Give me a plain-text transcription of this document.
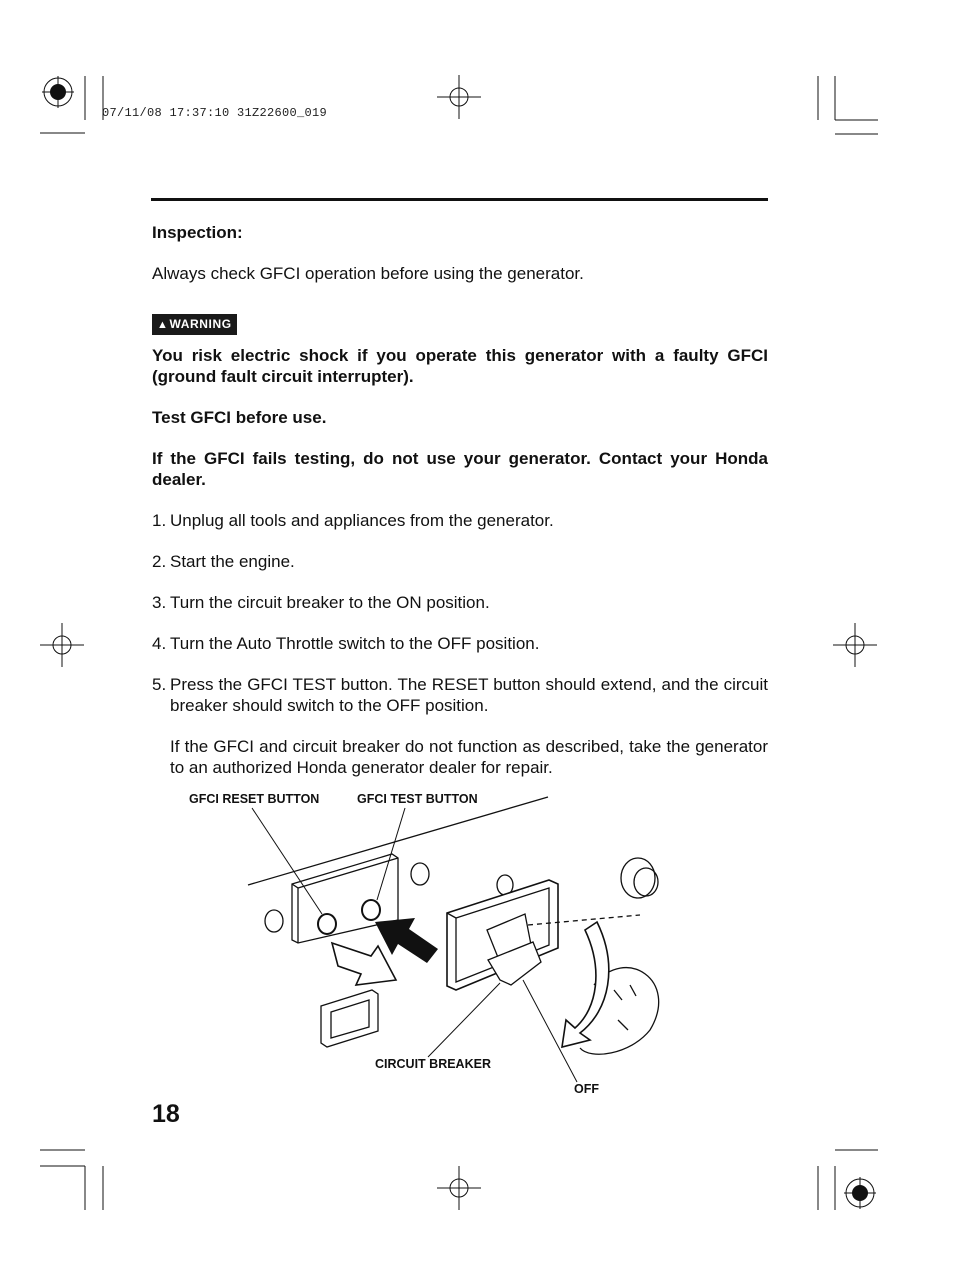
07/11/08 17:37:10 31Z22600_019

Inspection:

Always check GFCI operation before using the generator.

▲WARNING

You risk electric shock if you operate this generator with a faulty GFCI (ground fault circuit interrupter).

Test GFCI before use.

If the GFCI fails testing, do not use your generator. Contact your Honda dealer.

1. Unplug all tools and appliances from the generator.
2. Start the engine.
3. Turn the circuit breaker to the ON position.
4. Turn the Auto Throttle switch to the OFF position.
5. Press the GFCI TEST button. The RESET button should extend, and the circuit breaker should switch to the OFF position.

If the GFCI and circuit breaker do not function as described, take the generator to an authorized Honda generator dealer for repair.

GFCI RESET BUTTON	GFCI TEST BUTTON
CIRCUIT BREAKER
OFF
18
